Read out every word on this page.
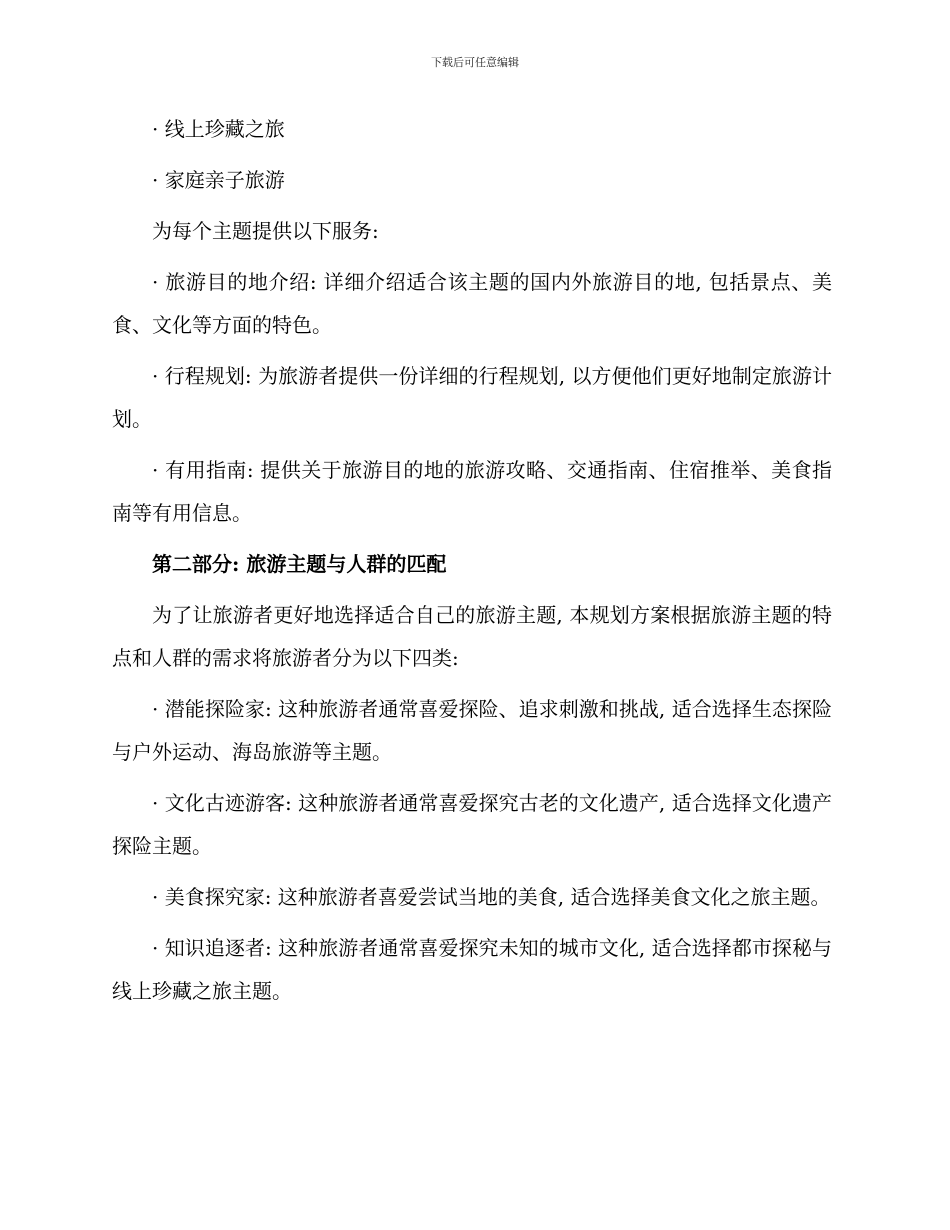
下载后可任意编辑

· 线上珍藏之旅

· 家庭亲子旅游

为每个主题提供以下服务:

· 旅游目的地介绍: 详细介绍适合该主题的国内外旅游目的地, 包括景点、美食、文化等方面的特色。

· 行程规划: 为旅游者提供一份详细的行程规划, 以方便他们更好地制定旅游计划。

· 有用指南: 提供关于旅游目的地的旅游攻略、交通指南、住宿推举、美食指南等有用信息。

第二部分: 旅游主题与人群的匹配

为了让旅游者更好地选择适合自己的旅游主题, 本规划方案根据旅游主题的特点和人群的需求将旅游者分为以下四类:

· 潜能探险家: 这种旅游者通常喜爱探险、追求刺激和挑战, 适合选择生态探险与户外运动、海岛旅游等主题。

· 文化古迹游客: 这种旅游者通常喜爱探究古老的文化遗产, 适合选择文化遗产探险主题。

· 美食探究家: 这种旅游者喜爱尝试当地的美食, 适合选择美食文化之旅主题。

· 知识追逐者: 这种旅游者通常喜爱探究未知的城市文化, 适合选择都市探秘与线上珍藏之旅主题。
